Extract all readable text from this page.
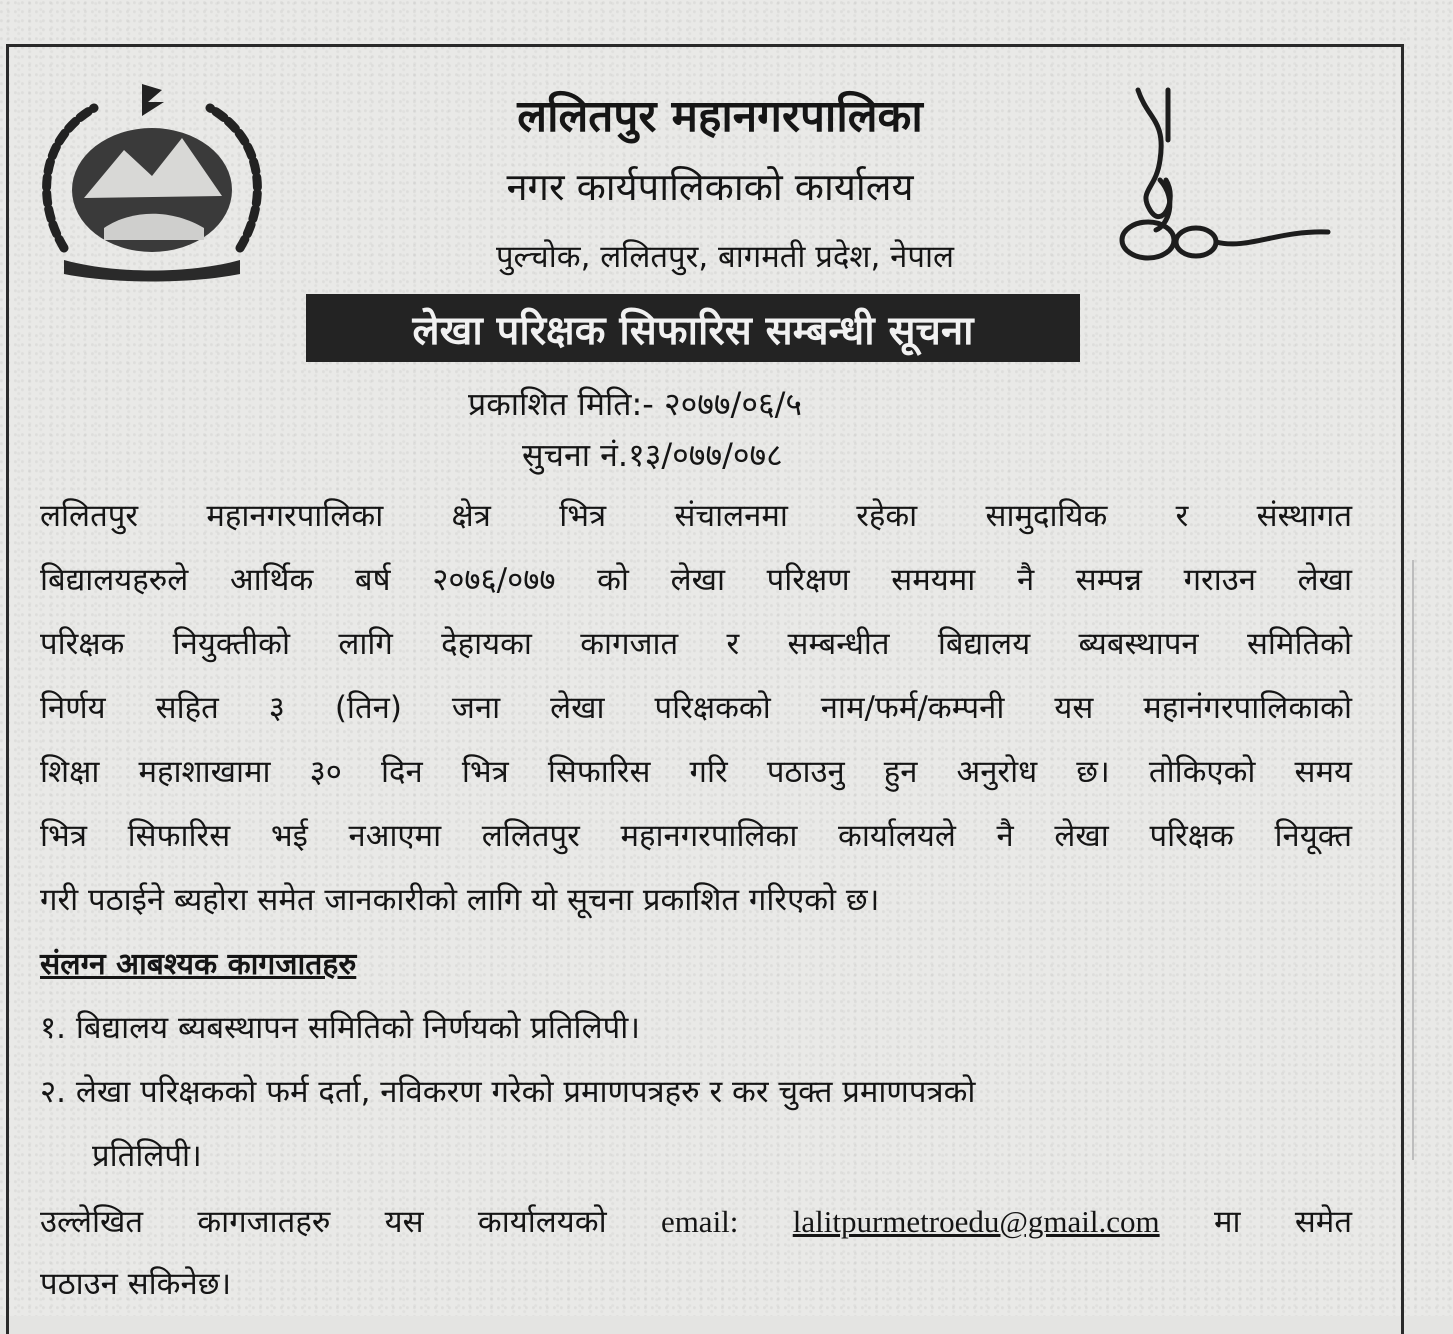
ललितपुर महानगरपालिका
नगर कार्यपालिकाको कार्यालय
पुल्चोक, ललितपुर, बागमती प्रदेश, नेपाल
लेखा परिक्षक सिफारिस सम्बन्धी सूचना
प्रकाशित मिति:- २०७७/०६/५
सुचना नं.१३/०७७/०७८
ललितपुर महानगरपालिका क्षेत्र भित्र संचालनमा रहेका सामुदायिक र संस्थागत
बिद्यालयहरुले आर्थिक बर्ष २०७६/०७७ को लेखा परिक्षण समयमा नै सम्पन्न गराउन लेखा
परिक्षक नियुक्तीको लागि देहायका कागजात र सम्बन्धीत बिद्यालय ब्यबस्थापन समितिको
निर्णय सहित ३ (तिन) जना लेखा परिक्षकको नाम/फर्म/कम्पनी यस महानंगरपालिकाको
शिक्षा महाशाखामा ३० दिन भित्र सिफारिस गरि पठाउनु हुन अनुरोध छ। तोकिएको समय
भित्र सिफारिस भई नआएमा ललितपुर महानगरपालिका कार्यालयले नै लेखा परिक्षक नियूक्त
गरी पठाईने ब्यहोरा समेत जानकारीको लागि यो सूचना प्रकाशित गरिएको छ।
संलग्न आबश्यक कागजातहरु
१. बिद्यालय ब्यबस्थापन समितिको निर्णयको प्रतिलिपी।
२. लेखा परिक्षकको फर्म दर्ता, नविकरण गरेको प्रमाणपत्रहरु र कर चुक्त प्रमाणपत्रको
प्रतिलिपी।
उल्लेखित कागजातहरु यस कार्यालयको email: lalitpurmetroedu@gmail.com मा समेत
पठाउन सकिनेछ।
